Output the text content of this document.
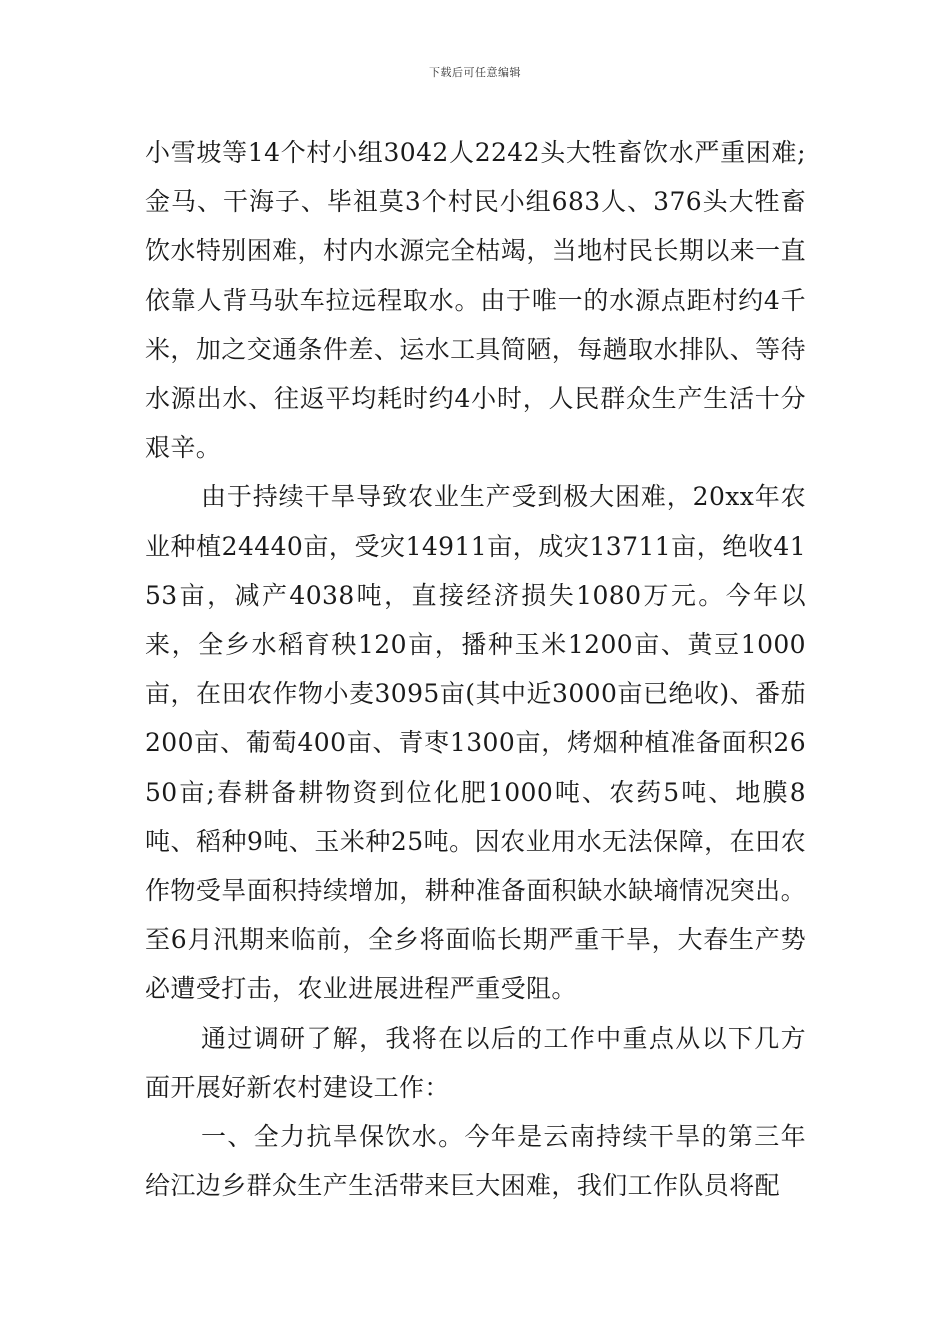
下载后可任意编辑

小雪坡等14个村小组3042人2242头大牲畜饮水严重困难;金马、干海子、毕祖莫3个村民小组683人、376头大牲畜饮水特别困难，村内水源完全枯竭，当地村民长期以来一直依靠人背马驮车拉远程取水。由于唯一的水源点距村约4千米，加之交通条件差、运水工具简陋，每趟取水排队、等待水源出水、往返平均耗时约4小时，人民群众生产生活十分艰辛。

由于持续干旱导致农业生产受到极大困难，20xx年农业种植24440亩，受灾14911亩，成灾13711亩，绝收4153亩，减产4038吨，直接经济损失1080万元。今年以来，全乡水稻育秧120亩，播种玉米1200亩、黄豆1000亩，在田农作物小麦3095亩(其中近3000亩已绝收)、番茄200亩、葡萄400亩、青枣1300亩，烤烟种植准备面积2650亩;春耕备耕物资到位化肥1000吨、农药5吨、地膜8吨、稻种9吨、玉米种25吨。因农业用水无法保障，在田农作物受旱面积持续增加，耕种准备面积缺水缺墒情况突出。至6月汛期来临前，全乡将面临长期严重干旱，大春生产势必遭受打击，农业进展进程严重受阻。

通过调研了解，我将在以后的工作中重点从以下几方面开展好新农村建设工作：

一、全力抗旱保饮水。今年是云南持续干旱的第三年给江边乡群众生产生活带来巨大困难，我们工作队员将配
